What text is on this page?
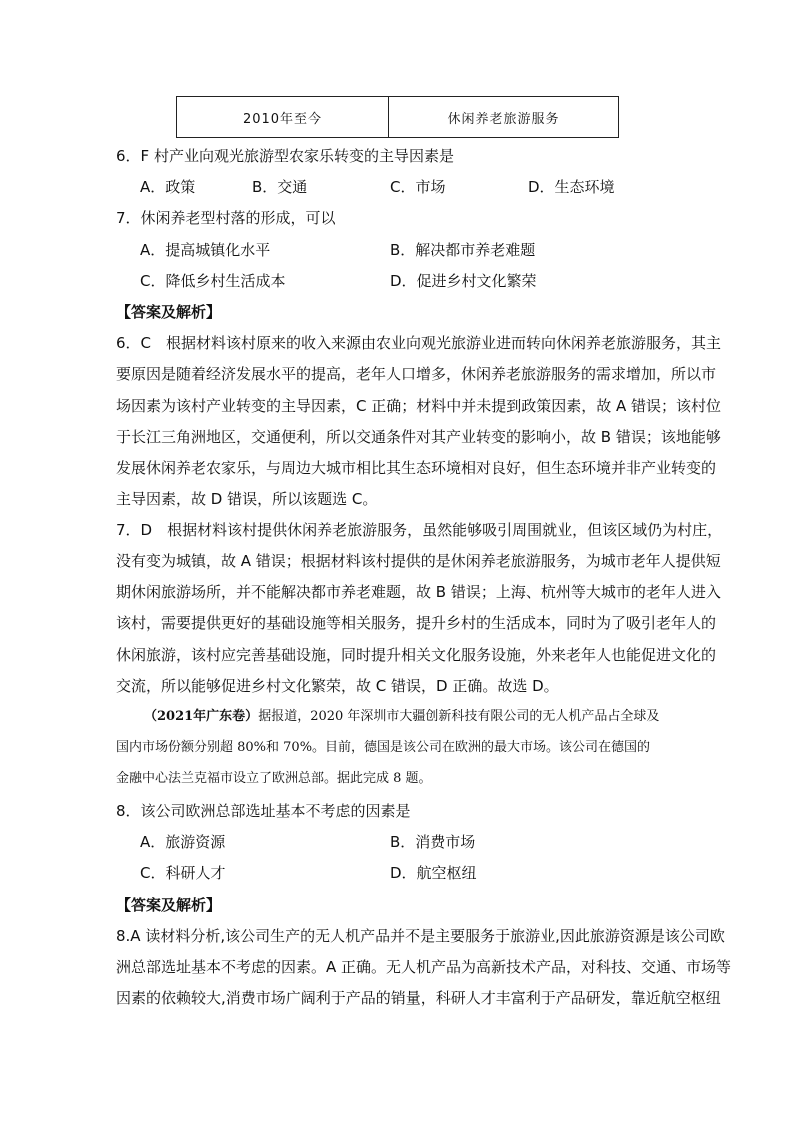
2010年至今	休闲养老旅游服务
6．F 村产业向观光旅游型农家乐转变的主导因素是
A．政策	B．交通	C．市场	D．生态环境
7．休闲养老型村落的形成，可以
A．提高城镇化水平	B．解决都市养老难题
C．降低乡村生活成本	D．促进乡村文化繁荣
【答案及解析】
6．C　根据材料该村原来的收入来源由农业向观光旅游业进而转向休闲养老旅游服务，其主
要原因是随着经济发展水平的提高，老年人口增多，休闲养老旅游服务的需求增加，所以市
场因素为该村产业转变的主导因素，C 正确；材料中并未提到政策因素，故 A 错误；该村位
于长江三角洲地区，交通便利，所以交通条件对其产业转变的影响小，故 B 错误；该地能够
发展休闲养老农家乐，与周边大城市相比其生态环境相对良好，但生态环境并非产业转变的
主导因素，故 D 错误，所以该题选 C。
7．D　根据材料该村提供休闲养老旅游服务，虽然能够吸引周围就业，但该区域仍为村庄，
没有变为城镇，故 A 错误；根据材料该村提供的是休闲养老旅游服务，为城市老年人提供短
期休闲旅游场所，并不能解决都市养老难题，故 B 错误；上海、杭州等大城市的老年人进入
该村，需要提供更好的基础设施等相关服务，提升乡村的生活成本，同时为了吸引老年人的
休闲旅游，该村应完善基础设施，同时提升相关文化服务设施，外来老年人也能促进文化的
交流，所以能够促进乡村文化繁荣，故 C 错误，D 正确。故选 D。
（2021年广东卷）据报道，2020 年深圳市大疆创新科技有限公司的无人机产品占全球及
国内市场份额分别超 80%和 70%。目前，德国是该公司在欧洲的最大市场。该公司在德国的
金融中心法兰克福市设立了欧洲总部。据此完成 8 题。
8．该公司欧洲总部选址基本不考虑的因素是
A．旅游资源	B．消费市场
C．科研人才	D．航空枢纽
【答案及解析】
8.A 读材料分析,该公司生产的无人机产品并不是主要服务于旅游业,因此旅游资源是该公司欧
洲总部选址基本不考虑的因素。A 正确。无人机产品为高新技术产品，对科技、交通、市场等
因素的依赖较大,消费市场广阔利于产品的销量，科研人才丰富利于产品研发，靠近航空枢纽
